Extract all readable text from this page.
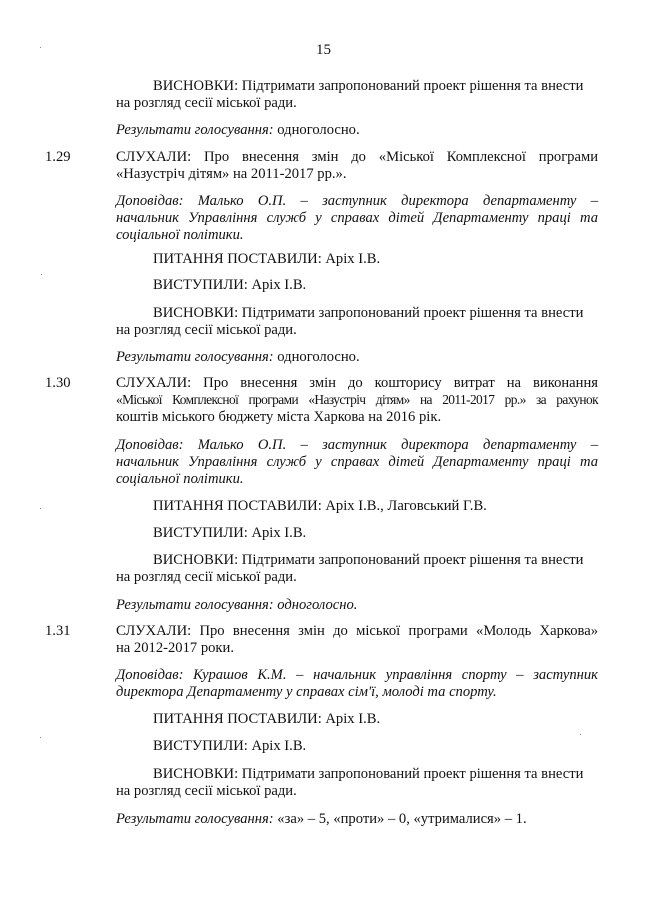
15
ВИСНОВКИ: Підтримати запропонований проект рішення та внести
на розгляд сесії міської ради.
Результати голосування: одноголосно.
1.29	СЛУХАЛИ: Про внесення змін до «Міської Комплексної програми
«Назустріч дітям» на 2011-2017 рр.».
Доповідав: Малько О.П. – заступник директора департаменту –
начальник Управління служб у справах дітей Департаменту праці та
соціальної політики.
ПИТАННЯ ПОСТАВИЛИ: Аріх І.В.
ВИСТУПИЛИ: Аріх І.В.
ВИСНОВКИ: Підтримати запропонований проект рішення та внести
на розгляд сесії міської ради.
Результати голосування: одноголосно.
1.30	СЛУХАЛИ: Про внесення змін до кошторису витрат на виконання
«Міської Комплексної програми «Назустріч дітям» на 2011-2017 рр.» за рахунок
коштів міського бюджету міста Харкова на 2016 рік.
Доповідав: Малько О.П. – заступник директора департаменту –
начальник Управління служб у справах дітей Департаменту праці та
соціальної політики.
ПИТАННЯ ПОСТАВИЛИ: Аріх І.В., Лаговський Г.В.
ВИСТУПИЛИ: Аріх І.В.
ВИСНОВКИ: Підтримати запропонований проект рішення та внести
на розгляд сесії міської ради.
Результати голосування: одноголосно.
1.31	СЛУХАЛИ: Про внесення змін до міської програми «Молодь Харкова»
на 2012-2017 роки.
Доповідав: Курашов К.М. – начальник управління спорту – заступник
директора Департаменту у справах сім'ї, молоді та спорту.
ПИТАННЯ ПОСТАВИЛИ: Аріх І.В.
ВИСТУПИЛИ: Аріх І.В.
ВИСНОВКИ: Підтримати запропонований проект рішення та внести
на розгляд сесії міської ради.
Результати голосування: «за» – 5, «проти» – 0, «утрималися» – 1.
